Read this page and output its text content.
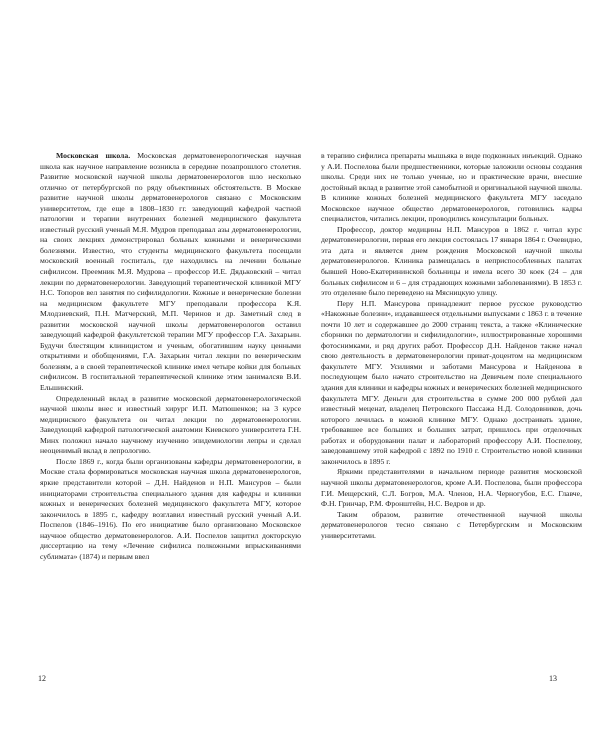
Московская школа. Московская дерматовенерологическая научная школа как научное направление возникла в середине позапрошлого столетия. Развитие московской научной школы дерматовенерологов шло несколько отлично от петербургской по ряду объективных обстоятельств. В Москве развитие научной школы дерматовенерологов связано с Московским университетом, где еще в 1808–1830 гг. заведующий кафедрой частной патологии и терапии внутренних болезней медицинского факультета известный русский ученый М.Я. Мудров преподавал азы дерматовенерологии, на своих лекциях демонстрировал больных кожными и венерическими болезнями. Известно, что студенты медицинского факультета посещали московский военный госпиталь, где находились на лечении больные сифилисом. Преемник М.Я. Мудрова – профессор И.Е. Дядьковский – читал лекции по дерматовенерологии. Заведующий терапевтической клиникой МГУ Н.С. Топоров вел занятия по сифилидологии. Кожные и венерические болезни на медицинском факультете МГУ преподавали профессора К.Я. Млодзиевский, П.Н. Матчерский, М.П. Черинов и др. Заметный след в развитии московской научной школы дерматовенерологов оставил заведующий кафедрой факультетской терапии МГУ профессор Г.А. Захарьин. Будучи блестящим клиницистом и ученым, обогатившим науку ценными открытиями и обобщениями, Г.А. Захарьин читал лекции по венерическим болезням, а в своей терапевтической клинике имел четыре койки для больных сифилисом. В госпитальной терапевтической клинике этим занималсяв В.И. Ельшинский.

Определенный вклад в развитие московской дерматовенерологической научной школы внес и известный хирург И.П. Матюшенков; на 3 курсе медицинского факультета он читал лекции по дерматовенерологии. Заведующий кафедрой патологической анатомии Киевского университета Г.Н. Минх положил начало научному изучению эпидемиологии лепры и сделал неоценимый вклад в лепрологию.

После 1869 г., когда были организованы кафедры дерматовенерологии, в Москве стала формироваться московская научная школа дерматовенерологов, яркие представители которой – Д.Н. Найденов и Н.П. Мансуров – были инициаторами строительства специального здания для кафедры и клиники кожных и венерических болезней медицинского факультета МГУ, которое закончилось в 1895 г., кафедру возглавил известный русский ученый А.И. Поспелов (1846–1916). По его инициативе было организовано Московское научное общество дерматовенерологов. А.И. Поспелов защитил докторскую диссертацию на тему «Лечение сифилиса полкожными впрыскиваниями сублимата» (1874) и первым ввел

в терапию сифилиса препараты мышьяка в виде подкожных инъекций. Однако у А.И. Поспелова были предшественники, которые заложили основы создания школы. Среди них не только ученые, но и практические врачи, внесшие достойный вклад в развитие этой самобытной и оригинальной научной школы. В клинике кожных болезней медицинского факультета МГУ заседало Московское научное общество дерматовенерологов, готовились кадры специалистов, читались лекции, проводились консультации больных.

Профессор, доктор медицины Н.П. Мансуров в 1862 г. читал курс дерматовенерологии, первая его лекция состоялась 17 января 1864 г. Очевидно, эта дата и является днем рождения Московской научной школы дерматовенерологов. Клиника размещалась в неприспособленных палатах бывшей Ново-Екатерининской больницы и имела всего 30 коек (24 – для больных сифилисом и 6 – для страдающих кожными заболеваниями). В 1853 г. это отделение было переведено на Мясницкую улицу.

Перу Н.П. Мансурова принадлежит первое русское руководство «Накожные болезни», издававшееся отдельными выпусками с 1863 г. в течение почти 10 лет и содержавшее до 2000 страниц текста, а также «Клинические сборники по дерматологии и сифилидологии», иллюстрированные хорошими фотоснимками, и ряд других работ. Профессор Д.Н. Найденов также начал свою деятельность в дерматовенерологии приват-доцентом на медицинском факультете МГУ. Усилиями и заботами Мансурова и Найденова в последующем было начато строительство на Девичьем поле специального здания для клиники и кафедры кожных и венерических болезней медицинского факультета МГУ. Деньги для строительства в сумме 200 000 рублей дал известный меценат, владелец Петровского Пассажа Н.Д. Солодовников, дочь которого лечилась в кожной клинике МГУ. Однако достраивать здание, требовавшее все больших и больших затрат, пришлось при отделочных работах и оборудовании палат и лабораторий профессору А.И. Поспелову, заведовавшему этой кафедрой с 1892 по 1910 г. Строительство новой клиники закончилось в 1895 г.

Яркими представителями в начальном периоде развития московской научной школы дерматовенерологов, кроме А.И. Поспелова, были профессора Г.И. Мещерский, С.Л. Богров, М.А. Членов, Н.А. Черногубов, Е.С. Главче, Ф.Н. Гринчар, Р.М. Фронштейн, Н.С. Ведров и др.

Таким образом, развитие отечественной научной школы дерматовенерологов тесно связано с Петербургским и Московским университетами.

12	13
